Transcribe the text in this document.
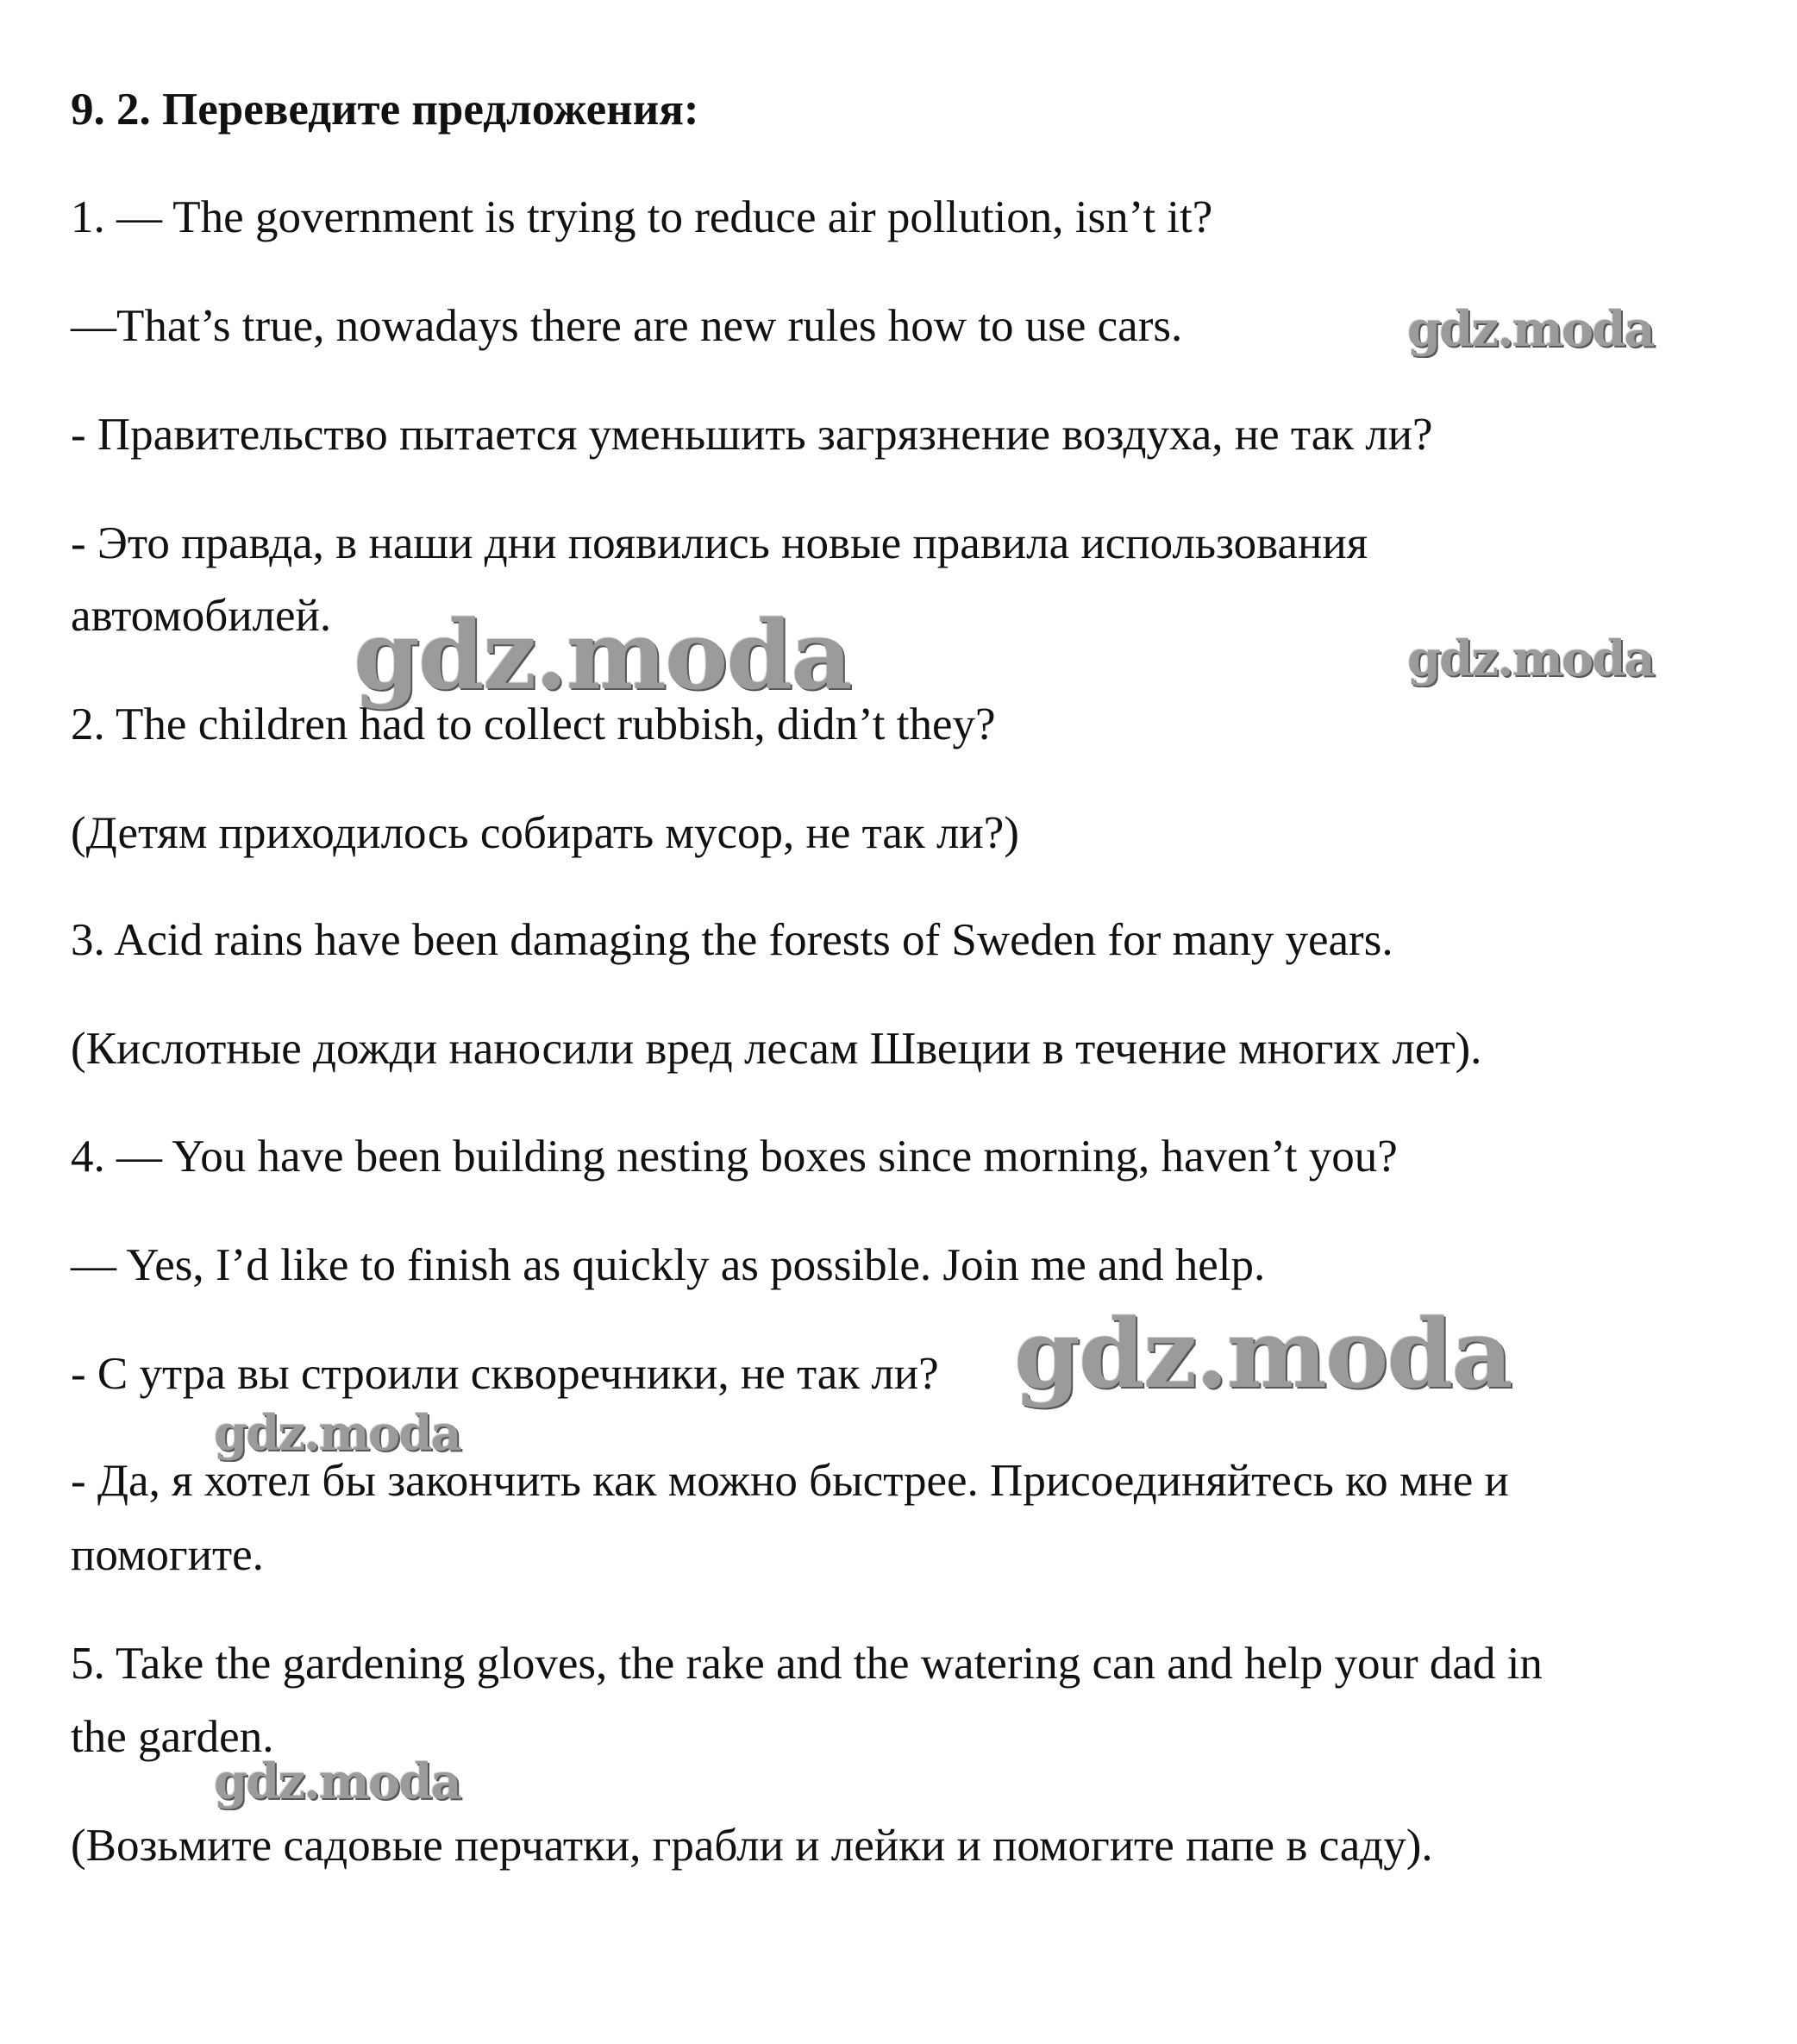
9. 2. Переведите предложения:
1. — The government is trying to reduce air pollution, isn’t it?
—That’s true, nowadays there are new rules how to use cars.
- Правительство пытается уменьшить загрязнение воздуха, не так ли?
- Это правда, в наши дни появились новые правила использования
автомобилей.
2. The children had to collect rubbish, didn’t they?
(Детям приходилось собирать мусор, не так ли?)
3. Acid rains have been damaging the forests of Sweden for many years.
(Кислотные дожди наносили вред лесам Швеции в течение многих лет).
4. — You have been building nesting boxes since morning, haven’t you?
— Yes, I’d like to finish as quickly as possible. Join me and help.
- С утра вы строили скворечники, не так ли?
- Да, я хотел бы закончить как можно быстрее. Присоединяйтесь ко мне и
помогите.
5. Take the gardening gloves, the rake and the watering can and help your dad in
the garden.
(Возьмите садовые перчатки, грабли и лейки и помогите папе в саду).
gdz.moda
gdz.moda	gdz.moda
gdz.moda
gdz.moda
gdz.moda
